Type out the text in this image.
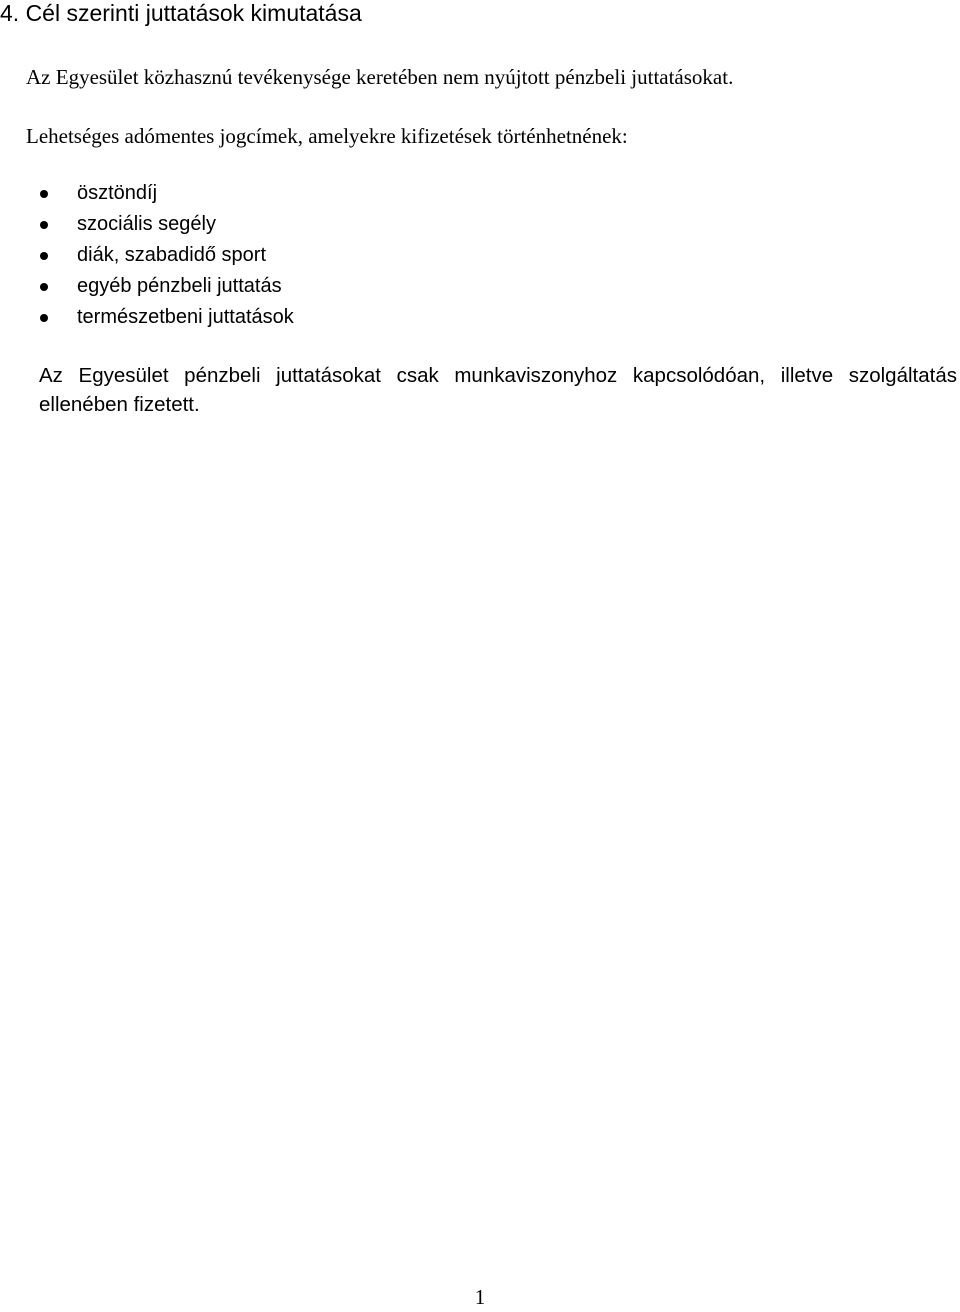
4. Cél szerinti juttatások kimutatása

Az Egyesület közhasznú tevékenysége keretében nem nyújtott pénzbeli juttatásokat.

Lehetséges adómentes jogcímek, amelyekre kifizetések történhetnének:

ösztöndíj
szociális segély
diák, szabadidő sport
egyéb pénzbeli juttatás
természetbeni juttatások

Az Egyesület pénzbeli juttatásokat csak munkaviszonyhoz kapcsolódóan, illetve szolgáltatás ellenében fizetett.

1
